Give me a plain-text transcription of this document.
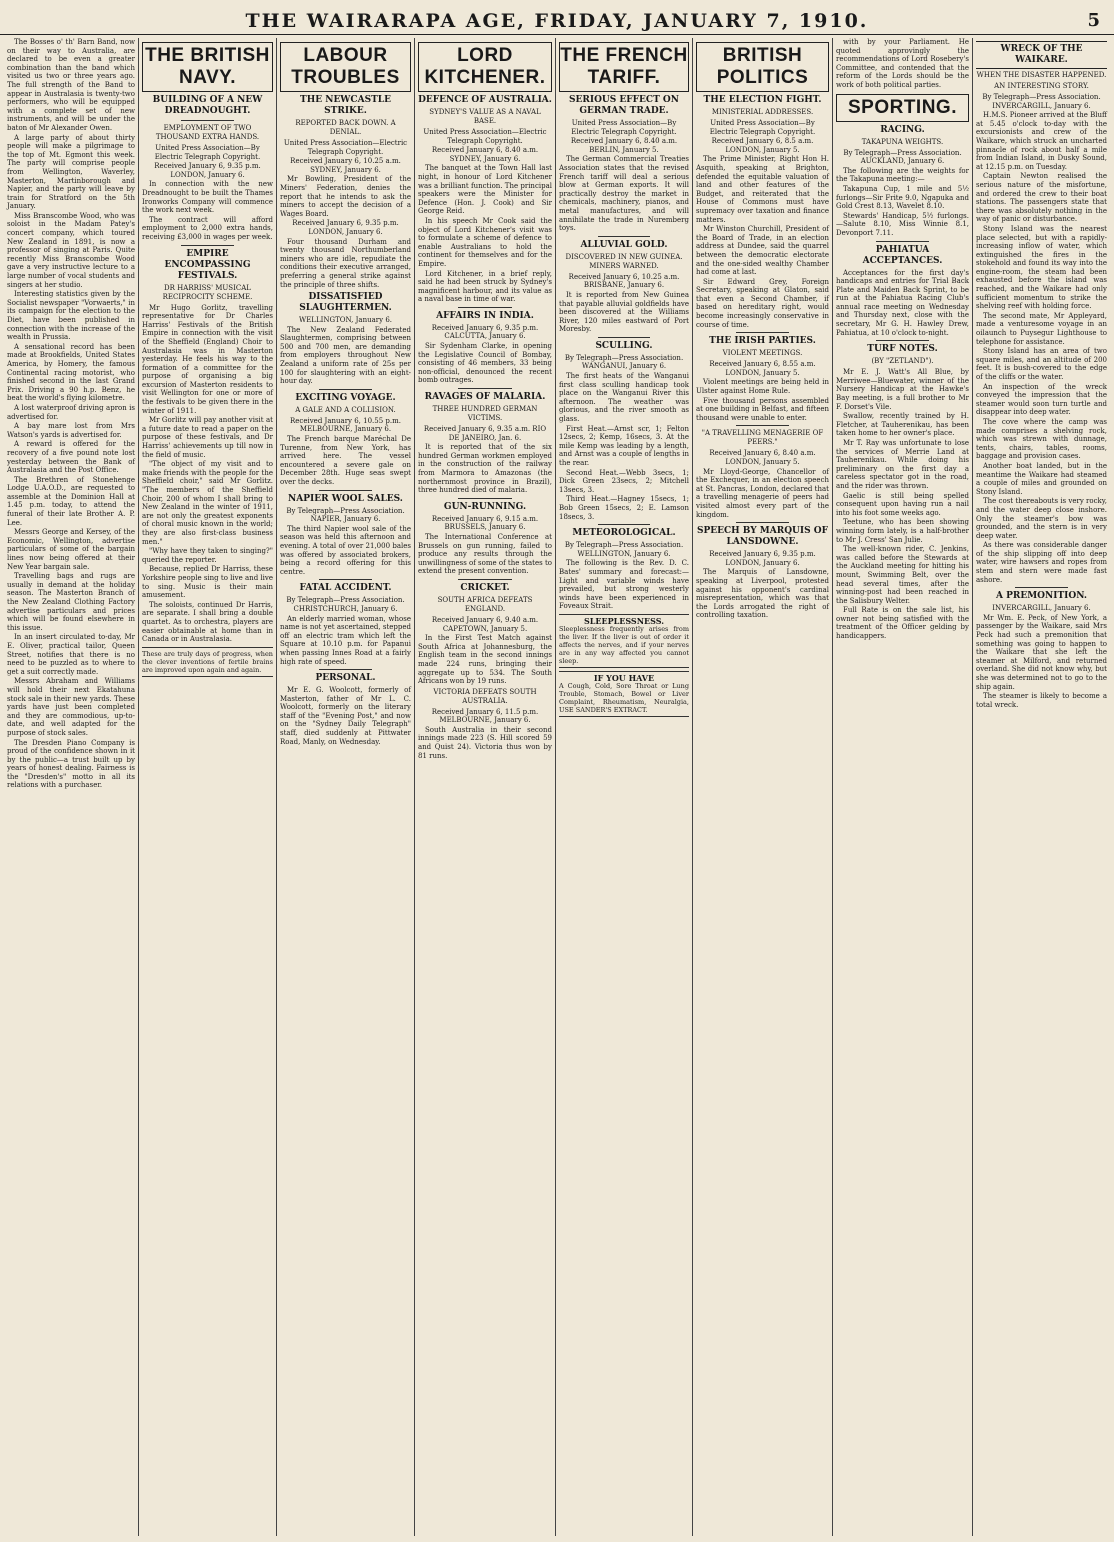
THE WAIRARAPA AGE, FRIDAY, JANUARY 7, 1910.	5

The Bosses o' th' Barn Band, now on their way to Australia, are declared to be even a greater combination than the band which visited us two or three years ago. The full strength of the Band to appear in Australasia is twenty-two performers, who will be equipped with a complete set of new instruments, and will be under the baton of Mr Alexander Owen.

A large party of about thirty people will make a pilgrimage to the top of Mt. Egmont this week. The party will comprise people from Wellington, Waverley, Masterton, Martinborough and Napier, and the party will leave by train for Stratford on the 5th January.

Miss Branscombe Wood, who was soloist in the Madam Patey's concert company, which toured New Zealand in 1891, is now a professor of singing at Paris. Quite recently Miss Branscombe Wood gave a very instructive lecture to a large number of vocal students and singers at her studio.

Interesting statistics given by the Socialist newspaper "Vorwaerts," in its campaign for the election to the Diet, have been published in connection with the increase of the wealth in Prussia.

A sensational record has been made at Brookfields, United States America, by Homery, the famous Continental racing motorist, who finished second in the last Grand Prix. Driving a 90 h.p. Benz, he beat the world's flying kilometre.

A lost waterproof driving apron is advertised for.

A bay mare lost from Mrs Watson's yards is advertised for.

A reward is offered for the recovery of a five pound note lost yesterday between the Bank of Australasia and the Post Office.

The Brethren of Stonehenge Lodge U.A.O.D., are requested to assemble at the Dominion Hall at 1.45 p.m. today, to attend the funeral of their late Brother A. P. Lee.

Messrs George and Kersey, of the Economic, Wellington, advertise particulars of some of the bargain lines now being offered at their New Year bargain sale.

Travelling bags and rugs are usually in demand at the holiday season. The Masterton Branch of the New Zealand Clothing Factory advertise particulars and prices which will be found elsewhere in this issue.

In an insert circulated to-day, Mr E. Oliver, practical tailor, Queen Street, notifies that there is no need to be puzzled as to where to get a suit correctly made.

Messrs Abraham and Williams will hold their next Ekatahuna stock sale in their new yards. These yards have just been completed and they are commodious, up-to-date, and well adapted for the purpose of stock sales.

The Dresden Piano Company is proud of the confidence shown in it by the public—a trust built up by years of honest dealing. Fairness is the "Dresden's" motto in all its relations with a purchaser.

THE BRITISH NAVY.
BUILDING OF A NEW DREADNOUGHT.
EMPLOYMENT OF TWO THOUSAND EXTRA HANDS.
United Press Association—By Electric Telegraph Copyright.
Received January 6, 9.35 p.m. LONDON, January 6.

In connection with the new Dreadnought to be built the Thames Ironworks Company will commence the work next week.

The contract will afford employment to 2,000 extra hands, receiving £3,000 in wages per week.

EMPIRE ENCOMPASSING FESTIVALS.
DR HARRISS' MUSICAL RECIPROCITY SCHEME.

Mr Hugo Gorlitz, travelling representative for Dr Charles Harriss' Festivals of the British Empire in connection with the visit of the Sheffield (England) Choir to Australasia was in Masterton yesterday. He feels his way to the formation of a committee for the purpose of organising a big excursion of Masterton residents to visit Wellington for one or more of the festivals to be given there in the winter of 1911.

Mr Gorlitz will pay another visit at a future date to read a paper on the purpose of these festivals, and Dr Harriss' achievements up till now in the field of music.

"The object of my visit and to make friends with the people for the Sheffield choir," said Mr Gorlitz. "The members of the Sheffield Choir, 200 of whom I shall bring to New Zealand in the winter of 1911, are not only the greatest exponents of choral music known in the world; they are also first-class business men."

"Why have they taken to singing?" queried the reporter.

Because, replied Dr Harriss, these Yorkshire people sing to live and live to sing. Music is their main amusement.

The soloists, continued Dr Harris, are separate. I shall bring a double quartet. As to orchestra, players are easier obtainable at home than in Canada or in Australasia.

These are truly days of progress, when the clever inventions of fertile brains are improved upon again and again.
LABOUR TROUBLES
THE NEWCASTLE STRIKE.
REPORTED BACK DOWN. A DENIAL.
United Press Association—Electric Telegraph Copyright.
Received January 6, 10.25 a.m. SYDNEY, January 6.

Mr Bowling, President of the Miners' Federation, denies the report that he intends to ask the miners to accept the decision of a Wages Board.

Received January 6, 9.35 p.m. LONDON, January 6.

Four thousand Durham and twenty thousand Northumberland miners who are idle, repudiate the conditions their executive arranged, preferring a general strike against the principle of three shifts.

DISSATISFIED SLAUGHTERMEN.
WELLINGTON, January 6.

The New Zealand Federated Slaughtermen, comprising between 500 and 700 men, are demanding from employers throughout New Zealand a uniform rate of 25s per 100 for slaughtering with an eight-hour day.

EXCITING VOYAGE.
A GALE AND A COLLISION.
Received January 6, 10.55 p.m. MELBOURNE, January 6.

The French barque Maréchal De Turenne, from New York, has arrived here. The vessel encountered a severe gale on December 28th. Huge seas swept over the decks.

NAPIER WOOL SALES.
By Telegraph—Press Association. NAPIER, January 6.

The third Napier wool sale of the season was held this afternoon and evening. A total of over 21,000 bales was offered by associated brokers, being a record offering for this centre.

FATAL ACCIDENT.
By Telegraph—Press Association. CHRISTCHURCH, January 6.

An elderly married woman, whose name is not yet ascertained, stepped off an electric tram which left the Square at 10.10 p.m. for Papanui when passing Innes Road at a fairly high rate of speed.

PERSONAL.

Mr E. G. Woolcott, formerly of Masterton, father of Mr L. C. Woolcott, formerly on the literary staff of the "Evening Post," and now on the "Sydney Daily Telegraph" staff, died suddenly at Pittwater Road, Manly, on Wednesday.

LORD KITCHENER.
DEFENCE OF AUSTRALIA.
SYDNEY'S VALUE AS A NAVAL BASE.
United Press Association—Electric Telegraph Copyright.
Received January 6, 8.40 a.m. SYDNEY, January 6.

The banquet at the Town Hall last night, in honour of Lord Kitchener was a brilliant function. The principal speakers were the Minister for Defence (Hon. J. Cook) and Sir George Reid.

In his speech Mr Cook said the object of Lord Kitchener's visit was to formulate a scheme of defence to enable Australians to hold the continent for themselves and for the Empire.

Lord Kitchener, in a brief reply, said he had been struck by Sydney's magnificent harbour, and its value as a naval base in time of war.

AFFAIRS IN INDIA.
Received January 6, 9.35 p.m. CALCUTTA, January 6.

Sir Sydenham Clarke, in opening the Legislative Council of Bombay, consisting of 46 members, 33 being non-official, denounced the recent bomb outrages.

RAVAGES OF MALARIA.
THREE HUNDRED GERMAN VICTIMS.
Received January 6, 9.35 a.m. RIO DE JANEIRO, Jan. 6.

It is reported that of the six hundred German workmen employed in the construction of the railway from Marmora to Amazonas (the northernmost province in Brazil), three hundred died of malaria.

GUN-RUNNING.
Received January 6, 9.15 a.m. BRUSSELS, January 6.

The International Conference at Brussels on gun running, failed to produce any results through the unwillingness of some of the states to extend the present convention.

CRICKET.
SOUTH AFRICA DEFEATS ENGLAND.
Received January 6, 9.40 a.m. CAPETOWN, January 5.

In the First Test Match against South Africa at Johannesburg, the English team in the second innings made 224 runs, bringing their aggregate up to 534. The South Africans won by 19 runs.

VICTORIA DEFEATS SOUTH AUSTRALIA.
Received January 6, 11.5 p.m. MELBOURNE, January 6.

South Australia in their second innings made 223 (S. Hill scored 59 and Quist 24). Victoria thus won by 81 runs.

THE FRENCH TARIFF.
SERIOUS EFFECT ON GERMAN TRADE.
United Press Association—By Electric Telegraph Copyright.
Received January 6, 8.40 a.m. BERLIN, January 5.

The German Commercial Treaties Association states that the revised French tariff will deal a serious blow at German exports. It will practically destroy the market in chemicals, machinery, pianos, and metal manufactures, and will annihilate the trade in Nuremberg toys.

ALLUVIAL GOLD.
DISCOVERED IN NEW GUINEA. MINERS WARNED.
Received January 6, 10.25 a.m. BRISBANE, January 6.

It is reported from New Guinea that payable alluvial goldfields have been discovered at the Williams River, 120 miles eastward of Port Moresby.

SCULLING.
By Telegraph—Press Association. WANGANUI, January 6.

The first heats of the Wanganui first class sculling handicap took place on the Wanganui River this afternoon. The weather was glorious, and the river smooth as glass.

First Heat.—Arnst scr, 1; Felton 12secs, 2; Kemp, 16secs, 3. At the mile Kemp was leading by a length, and Arnst was a couple of lengths in the rear.

Second Heat.—Webb 3secs, 1; Dick Green 23secs, 2; Mitchell 13secs, 3.

Third Heat.—Hagney 15secs, 1; Bob Green 15secs, 2; E. Lamson 18secs, 3.

METEOROLOGICAL.
By Telegraph—Press Association. WELLINGTON, January 6.

The following is the Rev. D. C. Bates' summary and forecast:—Light and variable winds have prevailed, but strong westerly winds have been experienced in Foveaux Strait.

SLEEPLESSNESS.
Sleeplessness frequently arises from the liver. If the liver is out of order it affects the nerves, and if your nerves are in any way affected you cannot sleep.
IF YOU HAVE
A Cough, Cold, Sore Throat or Lung Trouble, Stomach, Bowel or Liver Complaint, Rheumatism, Neuralgia, USE SANDER'S EXTRACT.
BRITISH POLITICS
THE ELECTION FIGHT.
MINISTERIAL ADDRESSES.
United Press Association—By Electric Telegraph Copyright.
Received January 6, 8.5 a.m. LONDON, January 5.

The Prime Minister, Right Hon H. Asquith, speaking at Brighton, defended the equitable valuation of land and other features of the Budget, and reiterated that the House of Commons must have supremacy over taxation and finance matters.

Mr Winston Churchill, President of the Board of Trade, in an election address at Dundee, said the quarrel between the democratic electorate and the one-sided wealthy Chamber had come at last.

Sir Edward Grey, Foreign Secretary, speaking at Glaton, said that even a Second Chamber, if based on hereditary right, would become increasingly conservative in course of time.

THE IRISH PARTIES.
VIOLENT MEETINGS.
Received January 6, 8.55 a.m. LONDON, January 5.

Violent meetings are being held in Ulster against Home Rule.

Five thousand persons assembled at one building in Belfast, and fifteen thousand were unable to enter.

"A TRAVELLING MENAGERIE OF PEERS."
Received January 6, 8.40 a.m. LONDON, January 5.

Mr Lloyd-George, Chancellor of the Exchequer, in an election speech at St. Pancras, London, declared that a travelling menagerie of peers had visited almost every part of the kingdom.

SPEECH BY MARQUIS OF LANSDOWNE.
Received January 6, 9.35 p.m. LONDON, January 6.

The Marquis of Lansdowne, speaking at Liverpool, protested against his opponent's cardinal misrepresentation, which was that the Lords arrogated the right of controlling taxation.

with by your Parliament. He quoted approvingly the recommendations of Lord Rosebery's Committee, and contended that the reform of the Lords should be the work of both political parties.

SPORTING.
RACING.
TAKAPUNA WEIGHTS.
By Telegraph—Press Association. AUCKLAND, January 6.

The following are the weights for the Takapuna meeting:—

Takapuna Cup, 1 mile and 5½ furlongs—Sir Frite 9.0, Ngapuka and Gold Crest 8.13, Wavelet 8.10.

Stewards' Handicap, 5½ furlongs.—Salute 8.10, Miss Winnie 8.1, Devonport 7.11.

PAHIATUA ACCEPTANCES.

Acceptances for the first day's handicaps and entries for Trial Back Plate and Maiden Back Sprint, to be run at the Pahiatua Racing Club's annual race meeting on Wednesday and Thursday next, close with the secretary, Mr G. H. Hawley Drew, Pahiatua, at 10 o'clock to-night.

TURF NOTES.
(BY "ZETLAND").

Mr E. J. Watt's All Blue, by Merriwee—Bluewater, winner of the Nursery Handicap at the Hawke's Bay meeting, is a full brother to Mr F. Dorset's Vile.

Swallow, recently trained by H. Fletcher, at Tauherenikau, has been taken home to her owner's place.

Mr T. Ray was unfortunate to lose the services of Merrie Land at Tauherenikau. While doing his preliminary on the first day a careless spectator got in the road, and the rider was thrown.

Gaelic is still being spelled consequent upon having run a nail into his foot some weeks ago.

Teetune, who has been showing winning form lately, is a half-brother to Mr J. Cress' San Julie.

The well-known rider, C. Jenkins, was called before the Stewards at the Auckland meeting for hitting his mount, Swimming Belt, over the head several times, after the winning-post had been reached in the Salisbury Welter.

Full Rate is on the sale list, his owner not being satisfied with the treatment of the Officer gelding by handicappers.

WRECK OF THE WAIKARE.
WHEN THE DISASTER HAPPENED.
AN INTERESTING STORY.
By Telegraph—Press Association. INVERCARGILL, January 6.

H.M.S. Pioneer arrived at the Bluff at 5.45 o'clock to-day with the excursionists and crew of the Waikare, which struck an uncharted pinnacle of rock about half a mile from Indian Island, in Dusky Sound, at 12.15 p.m. on Tuesday.

Captain Newton realised the serious nature of the misfortune, and ordered the crew to their boat stations. The passengers state that there was absolutely nothing in the way of panic or disturbance.

Stony Island was the nearest place selected, but with a rapidly-increasing inflow of water, which extinguished the fires in the stokehold and found its way into the engine-room, the steam had been exhausted before the island was reached, and the Waikare had only sufficient momentum to strike the shelving reef with holding force.

The second mate, Mr Appleyard, made a venturesome voyage in an oilaunch to Puysegur Lighthouse to telephone for assistance.

Stony Island has an area of two square miles, and an altitude of 200 feet. It is bush-covered to the edge of the cliffs or the water.

An inspection of the wreck conveyed the impression that the steamer would soon turn turtle and disappear into deep water.

The cove where the camp was made comprises a shelving rock, which was strewn with dunnage, tents, chairs, tables, rooms, baggage and provision cases.

Another boat landed, but in the meantime the Waikare had steamed a couple of miles and grounded on Stony Island.

The cost thereabouts is very rocky, and the water deep close inshore. Only the steamer's bow was grounded, and the stern is in very deep water.

As there was considerable danger of the ship slipping off into deep water, wire hawsers and ropes from stem and stern were made fast ashore.

A PREMONITION.
INVERCARGILL, January 6.

Mr Wm. E. Peck, of New York, a passenger by the Waikare, said Mrs Peck had such a premonition that something was going to happen to the Waikare that she left the steamer at Milford, and returned overland. She did not know why, but she was determined not to go to the ship again.

The steamer is likely to become a total wreck.
